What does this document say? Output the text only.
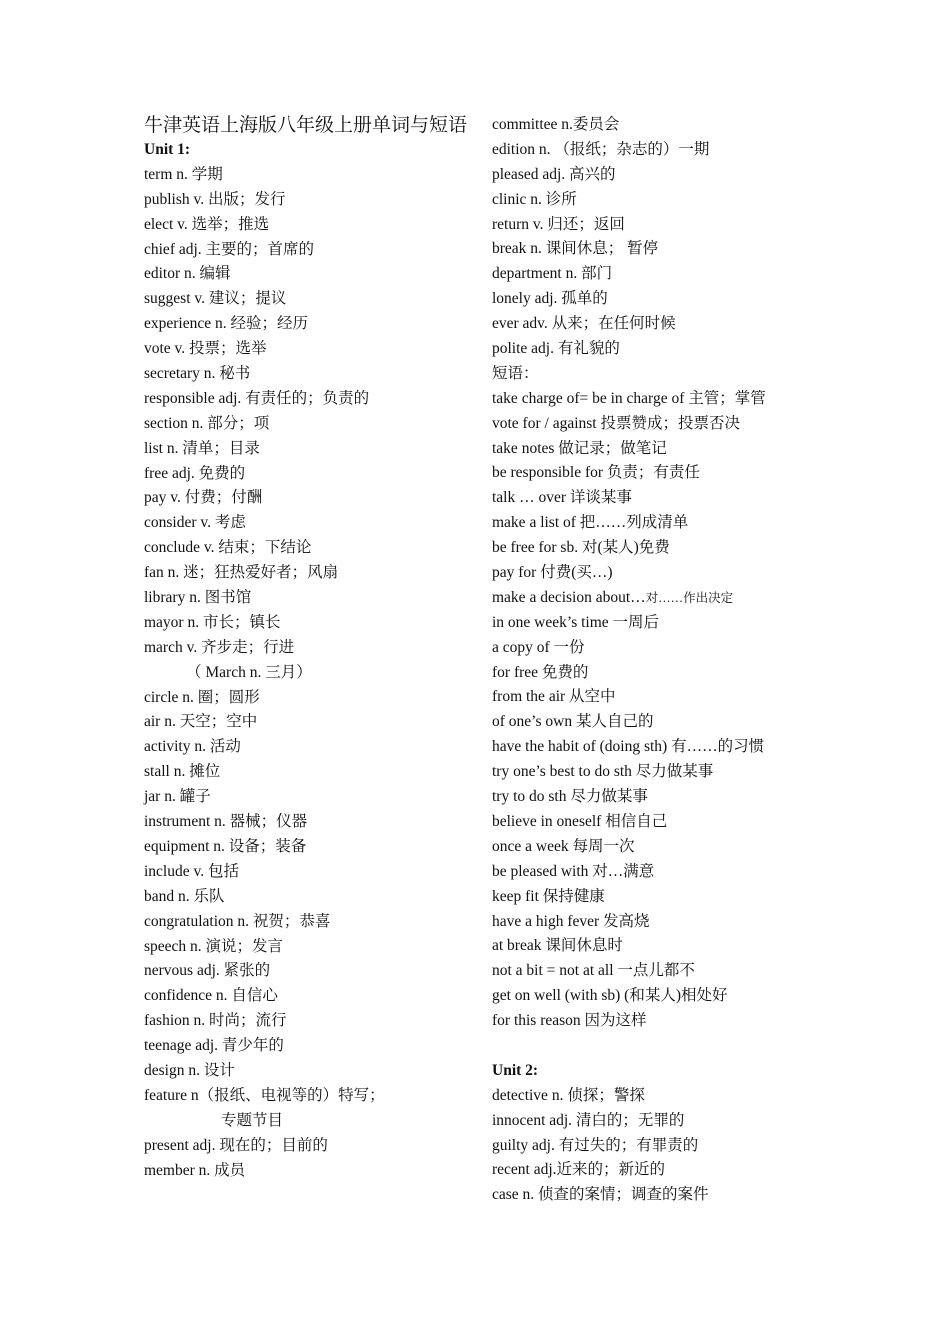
牛津英语上海版八年级上册单词与短语
Unit 1:
term n. 学期
publish v. 出版；发行
elect v. 选举；推选
chief adj. 主要的；首席的
editor n. 编辑
suggest v. 建议；提议
experience n. 经验；经历
vote v. 投票；选举
secretary n. 秘书
responsible adj. 有责任的；负责的
section n. 部分；项
list n. 清单；目录
free adj. 免费的
pay v. 付费；付酬
consider v. 考虑
conclude v. 结束；下结论
fan n. 迷；狂热爱好者；风扇
library n. 图书馆
mayor n. 市长；镇长
march v. 齐步走；行进
（ March n. 三月）
circle n. 圈；圆形
air n. 天空；空中
activity n. 活动
stall n. 摊位
jar n. 罐子
instrument n. 器械；仪器
equipment n. 设备；装备
include v. 包括
band n. 乐队
congratulation n. 祝贺；恭喜
speech n. 演说；发言
nervous adj. 紧张的
confidence n. 自信心
fashion n. 时尚；流行
teenage adj. 青少年的
design n. 设计
feature n（报纸、电视等的）特写；
专题节目
present adj. 现在的；目前的
member n. 成员
committee n.委员会
edition n. （报纸；杂志的）一期
pleased adj. 高兴的
clinic n. 诊所
return v. 归还；返回
break n. 课间休息； 暂停
department n. 部门
lonely adj. 孤单的
ever adv. 从来；在任何时候
polite adj. 有礼貌的
短语：
take charge of= be in charge of 主管；掌管
vote for / against 投票赞成；投票否决
take notes 做记录；做笔记
be responsible for 负责；有责任
talk … over 详谈某事
make a list of 把……列成清单
be free for sb. 对(某人)免费
pay for 付费(买…)
make a decision about…对……作出决定
in one week’s time 一周后
a copy of 一份
for free 免费的
from the air 从空中
of one’s own 某人自己的
have the habit of (doing sth) 有……的习惯
try one’s best to do sth 尽力做某事
try to do sth 尽力做某事
believe in oneself 相信自己
once a week 每周一次
be pleased with 对…满意
keep fit 保持健康
have a high fever 发高烧
at break 课间休息时
not a bit = not at all 一点儿都不
get on well (with sb) (和某人)相处好
for this reason 因为这样
Unit 2:
detective n. 侦探；警探
innocent adj. 清白的；无罪的
guilty adj. 有过失的；有罪责的
recent adj.近来的；新近的
case n. 侦查的案情；调查的案件
